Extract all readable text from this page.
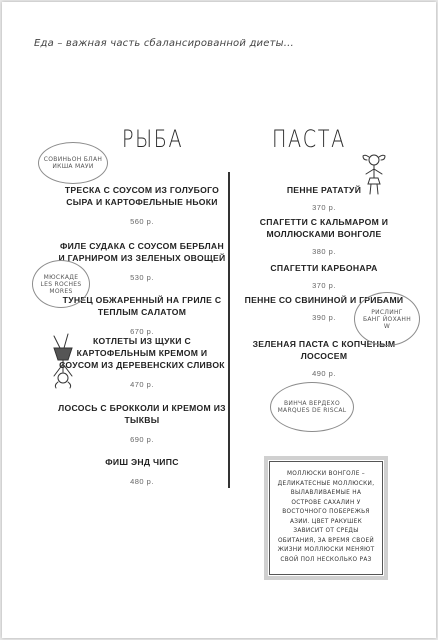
Еда – важная часть сбалансированной диеты...
РЫБА	ПАСТА
ТРЕСКА С СОУСОМ ИЗ ГОЛУБОГО СЫРА И КАРТОФЕЛЬНЫЕ НЬОКИ
560 р.
ФИЛЕ СУДАКА С СОУСОМ БЕРБЛАН И ГАРНИРОМ ИЗ ЗЕЛЕНЫХ ОВОЩЕЙ
530 р.
ТУНЕЦ ОБЖАРЕННЫЙ НА ГРИЛЕ С ТЕПЛЫМ САЛАТОМ
670 р.
КОТЛЕТЫ ИЗ ЩУКИ С КАРТОФЕЛЬНЫМ КРЕМОМ И СОУСОМ ИЗ ДЕРЕВЕНСКИХ СЛИВОК
470 р.
ЛОСОСЬ С БРОККОЛИ И КРЕМОМ ИЗ ТЫКВЫ
690 р.
ФИШ ЭНД ЧИПС
480 р.
ПЕННЕ РАТАТУЙ
370 р.
СПАГЕТТИ С КАЛЬМАРОМ И МОЛЛЮСКАМИ ВОНГОЛЕ
380 р.
СПАГЕТТИ КАРБОНАРА
370 р.
ПЕННЕ СО СВИНИНОЙ И ГРИБАМИ
390 р.
ЗЕЛЕНАЯ ПАСТА С КОПЧЕНЫМ ЛОСОСЕМ
490 р.
СОВИНЬОН БЛАН
ИКША МАУИ
МЮСКАДЕ
LES ROCHES
MORES
РИСЛИНГ
БАНГ ЙОХАНН W
ВИНЧА ВЕРДЕХО
MARQUES DE RISCAL
МОЛЛЮСКИ ВОНГОЛЕ – ДЕЛИКАТЕСНЫЕ МОЛЛЮСКИ, ВЫЛАВЛИВАЕМЫЕ НА ОСТРОВЕ САХАЛИН У ВОСТОЧНОГО ПОБЕРЕЖЬЯ АЗИИ. ЦВЕТ РАКУШЕК ЗАВИСИТ ОТ СРЕДЫ ОБИТАНИЯ, ЗА ВРЕМЯ СВОЕЙ ЖИЗНИ МОЛЛЮСКИ МЕНЯЮТ СВОЙ ПОЛ НЕСКОЛЬКО РАЗ
